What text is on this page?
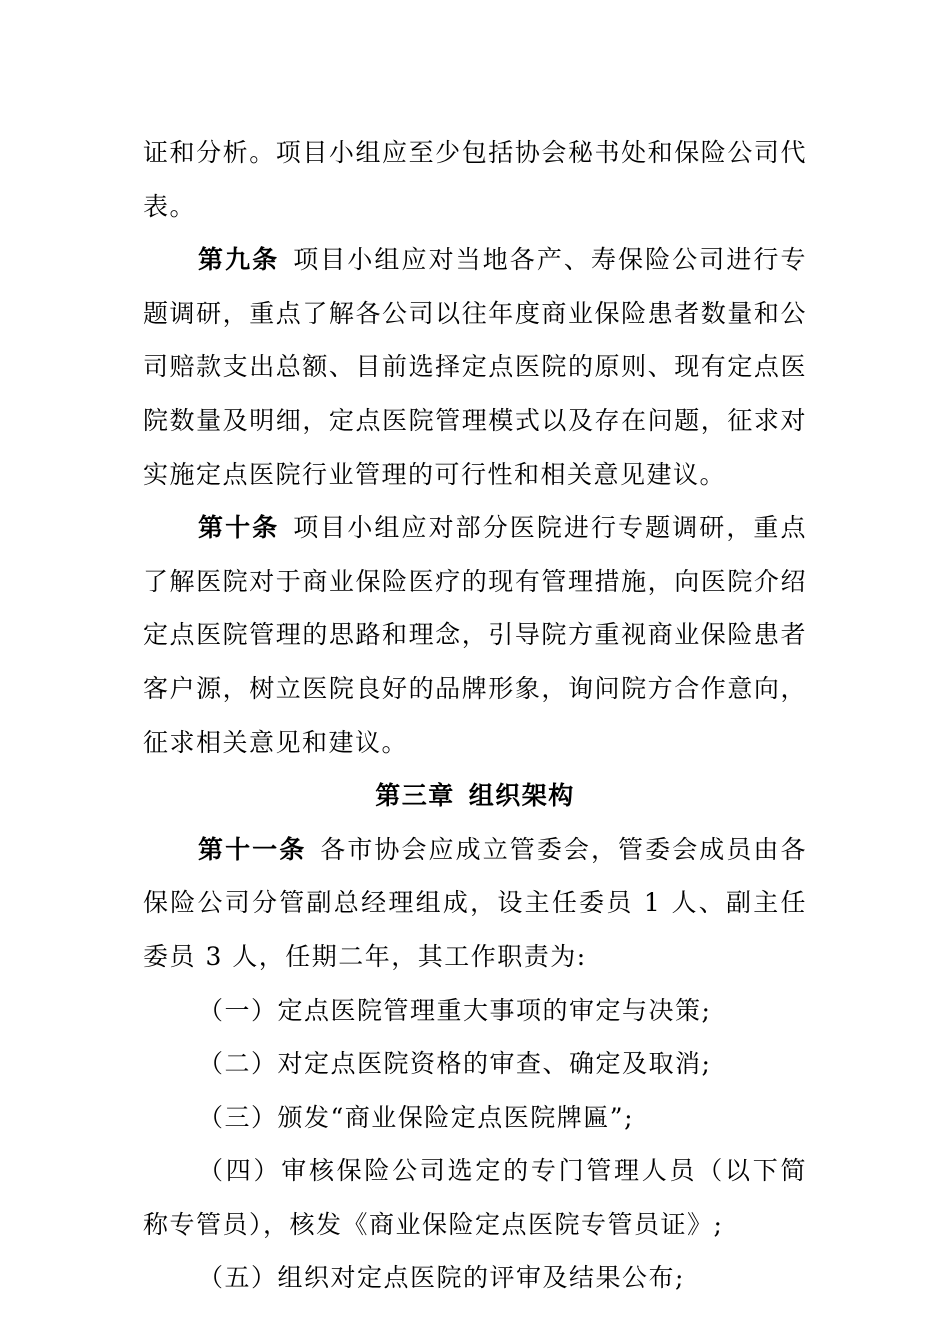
证和分析。项目小组应至少包括协会秘书处和保险公司代表。

第九条 项目小组应对当地各产、寿保险公司进行专题调研，重点了解各公司以往年度商业保险患者数量和公司赔款支出总额、目前选择定点医院的原则、现有定点医院数量及明细，定点医院管理模式以及存在问题，征求对实施定点医院行业管理的可行性和相关意见建议。

第十条 项目小组应对部分医院进行专题调研，重点了解医院对于商业保险医疗的现有管理措施，向医院介绍定点医院管理的思路和理念，引导院方重视商业保险患者客户源，树立医院良好的品牌形象，询问院方合作意向，征求相关意见和建议。

第三章 组织架构

第十一条 各市协会应成立管委会，管委会成员由各保险公司分管副总经理组成，设主任委员 1 人、副主任委员 3 人，任期二年，其工作职责为:

（一）定点医院管理重大事项的审定与决策;

（二）对定点医院资格的审查、确定及取消;

（三）颁发“商业保险定点医院牌匾”;

（四）审核保险公司选定的专门管理人员（以下简称专管员），核发《商业保险定点医院专管员证》;

（五）组织对定点医院的评审及结果公布;
